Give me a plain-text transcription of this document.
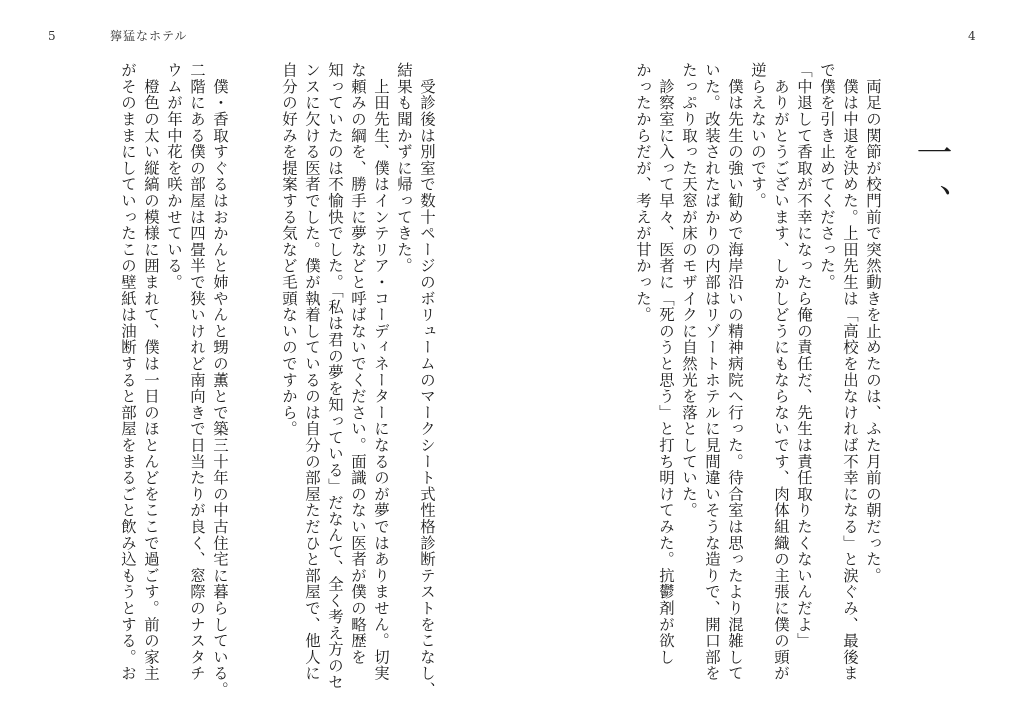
5	獰猛なホテル	4
一、
　両足の関節が校門前で突然動きを止めたのは、ふた月前の朝だった。
　僕は中退を決めた。上田先生は「高校を出なければ不幸になる」と涙ぐみ、最後ま
で僕を引き止めてくださった。
「中退して香取が不幸になったら俺の責任だ、先生は責任取りたくないんだよ」
　ありがとうございます、しかしどうにもならないです、肉体組織の主張に僕の頭が
逆らえないのです。
　僕は先生の強い勧めで海岸沿いの精神病院へ行った。待合室は思ったより混雑して
いた。改装されたばかりの内部はリゾートホテルに見間違いそうな造りで、開口部を
たっぷり取った天窓が床のモザイクに自然光を落としていた。
　診察室に入って早々、医者に「死のうと思う」と打ち明けてみた。抗鬱剤が欲し
かったからだが、考えが甘かった。
　受診後は別室で数十ページのボリュームのマークシート式性格診断テストをこなし、
結果も聞かずに帰ってきた。
　上田先生、僕はインテリア・コーディネーターになるのが夢ではありません。切実
な頼みの綱を、勝手に夢などと呼ばないでください。面識のない医者が僕の略歴を
知っていたのは不愉快でした。「私は君の夢を知っている」だなんて、全く考え方のセ
ンスに欠ける医者でした。僕が執着しているのは自分の部屋ただひと部屋で、他人に
自分の好みを提案する気など毛頭ないのですから。

　僕・香取すぐるはおかんと姉やんと甥の薫とで築三十年の中古住宅に暮らしている。
二階にある僕の部屋は四畳半で狭いけれど南向きで日当たりが良く、窓際のナスタチ
ウムが年中花を咲かせている。
　橙色の太い縦縞の模様に囲まれて、僕は一日のほとんどをここで過ごす。前の家主
がそのままにしていったこの壁紙は油断すると部屋をまるごと飲み込もうとする。お
